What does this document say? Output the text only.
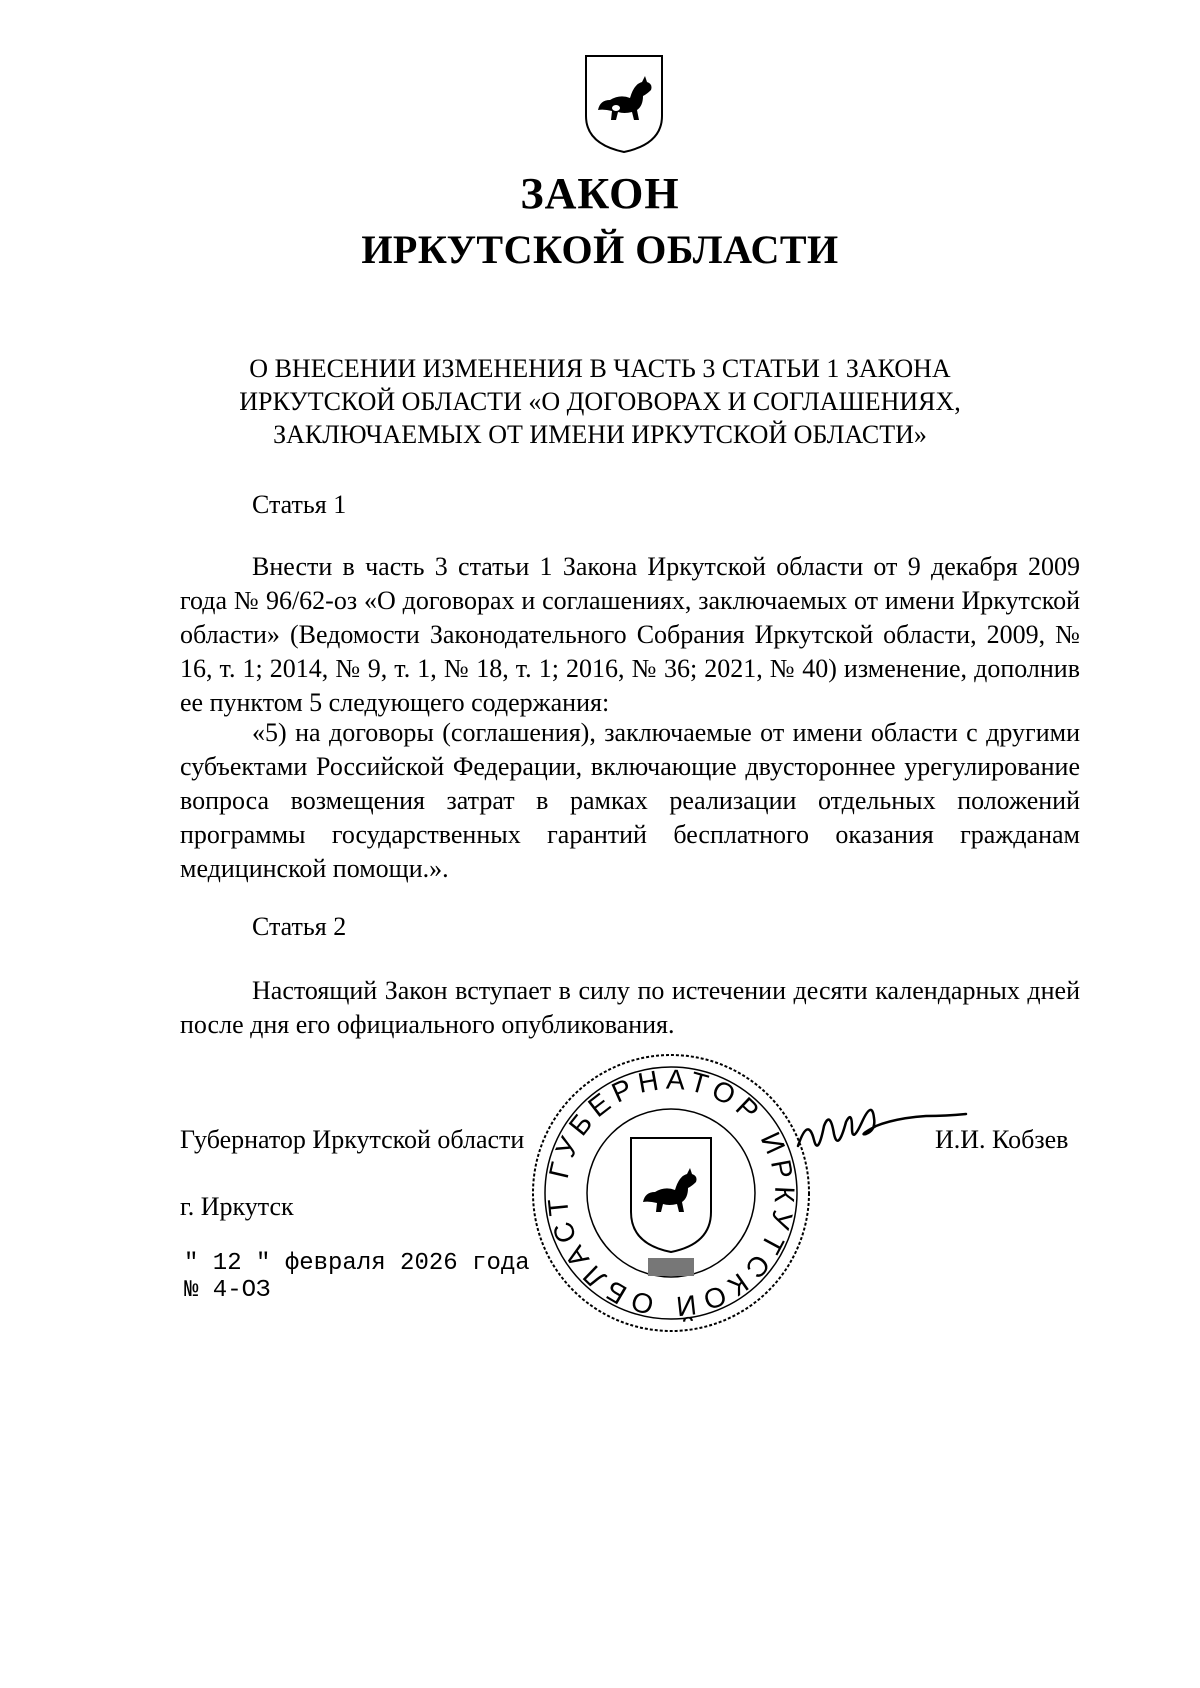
ЗАКОН
ИРКУТСКОЙ ОБЛАСТИ
О ВНЕСЕНИИ ИЗМЕНЕНИЯ В ЧАСТЬ 3 СТАТЬИ 1 ЗАКОНА
ИРКУТСКОЙ ОБЛАСТИ «О ДОГОВОРАХ И СОГЛАШЕНИЯХ,
ЗАКЛЮЧАЕМЫХ ОТ ИМЕНИ ИРКУТСКОЙ ОБЛАСТИ»
Статья 1
Внести в часть 3 статьи 1 Закона Иркутской области от 9 декабря 2009 года № 96/62-оз «О договорах и соглашениях, заключаемых от имени Иркутской области» (Ведомости Законодательного Собрания Иркутской области, 2009, № 16, т. 1; 2014, № 9, т. 1, № 18, т. 1; 2016, № 36; 2021, № 40) изменение, дополнив ее пунктом 5 следующего содержания:
«5) на договоры (соглашения), заключаемые от имени области с другими субъектами Российской Федерации, включающие двустороннее урегулирование вопроса возмещения затрат в рамках реализации отдельных положений программы государственных гарантий бесплатного оказания гражданам медицинской помощи.».
Статья 2
Настоящий Закон вступает в силу по истечении десяти календарных дней после дня его официального опубликования.
ГУБЕРНАТОР ИРКУТСКОЙ ОБЛАСТ
Губернатор Иркутской области	И.И. Кобзев
г. Иркутск
" 12 " февраля 2026 года
№ 4-ОЗ
